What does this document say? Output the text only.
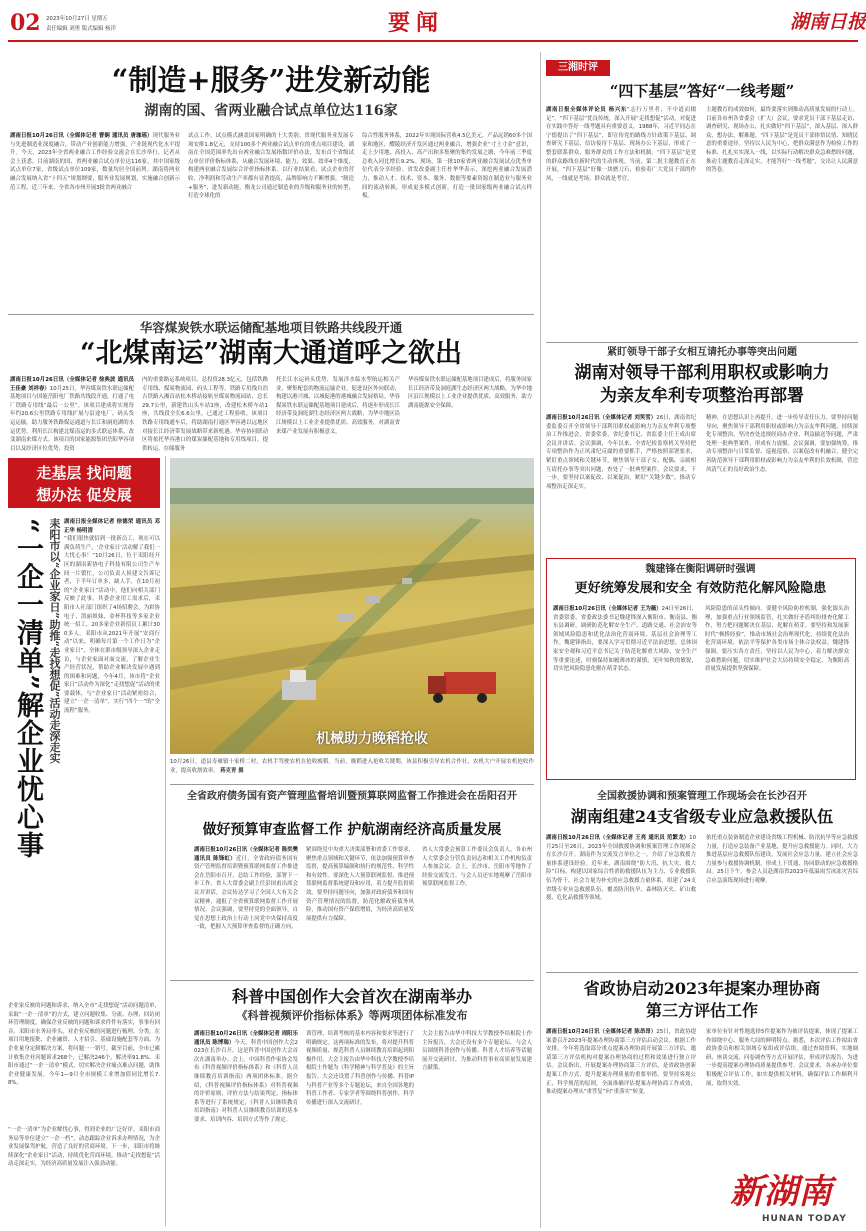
02 2023年10月27日 星期五
责任编辑 刘勇 版式编辑 杨洋	要闻	湖南日报
“制造+服务”进发新动能
湖南的国、省两业融合试点单位达116家
湖南日报10月26日讯（全媒体记者 曹娴 通讯员 唐珈瑶）现代服务业与先进制造业深度融合，带动产业创新能力增强，产业链现代化水平提升。今天，2023年全省两业融合工作经验交流会在长沙举行，记者从会上获悉，目前湖南的国、省两业融合试点单位达116家，其中国家级试点单位7家，省级试点单位109家，数量均居全国前列。湖南将两业融合发展纳入省“十四五”规划纲要，服务业发展规划，实施融合创新示范工程，近三年来，全省各市州开展3批省两业融合
试点工作，试点模式涵盖国家明确的十大类别；省现代服务业发展专项安排1.8亿元，支持100多个两业融合试点单位的重点项目建设。湖南在全国范围率先出台两业融合发展指数评价办法，发布首个省级试点单位评价指标体系，从融合发展环境、能力、效果、效率4个维度，构建两业融合发展综合评价指标体系。以行业结果看，试点企业的营收、净利润和劳动生产率都有显著提高，品牌影响力不断增强。“制造+服务”、进发新动能，衡龙公司通过制造业的升级和服务业的转型，打造全球化的
综合性服务体系，2022年实现国际营收4.5亿美元。产品远销60多个国家和地区，醴陵经济开发区通过两业融合，增强企业“寸土寸金”意识，走上少用地、高投入、高产出和多集聚的集约发展之路，今年前三季度总收入同比增长9.2%。现场，第一批10家省两业融合发展试点优秀单位代表分享经验。省发改委副主任杜华华表示，深挖两业融合发展潜力，推动人才、技术、资本、服务、数据等要素资源在制造业与服务业间的流动转换，形成更多模式创新，打造一批国家级两业融合试点样板。
华容煤炭铁水联运储配基地项目铁路共线段开通
“北煤南运”湖南大通道呼之欲出
湖南日报10月26日讯（全媒体记者 徐典波 通讯员 王佳豪 刘祥春）10月25日，华容煤炭铁水联运储配基地项目与国能岳阳电厂铁路共线段开通，打通了电厂铁路专用线“最后一公里”，该项目建成将实现每年约20.6公里铁路专用线扩展与沿途电厂、码头货运运输，助力服务铁路煤运通道与长江和洞庭湖的水运优势，利用长江构建北煤南运的多式联运体系，改变湖南来煤方式。该项目的国家能源集团岳阳华容项目以及经济区位优势，投资
内的重要路运系统项目，总投资28.3亿元，包括铁路专用线、煤炭物流园、码头工程等。铁路专用线自浩吉铁路入湘首站松木桥站接轨至煤炭物流园站，总长29.7公里，新建铁山头车站1座，改建松木桥车站1座，共线段全长6.6公里，已通过工程验收。该项目铁路专用线通车后，将助湖南打通区华容港以远地区对接长江经济带发展战略带来新机遇。华容协同联动区将依托华容港口的煤炭储配基地和专用线项目，提供转运、存储服务
托长江水运码头优势，发展涉水临水型航运相关产业，聚集配套的物流运输企业，促进设区外向联动，构建以港兴城、以城促港的港城融合发展格局。华容煤炭铁水联运储配基地项目建成后，将逐步形成长江经济带及洞庭湖生态经济区两大战略，为华中地区沿江规模以上工业企业提供优质、高效服务，对湖南省来煤产业发展有积极意义。
华容煤炭铁水联运储配基地项目建成后，将服务国家长江经济带及洞庭湖生态经济区两大战略，为华中地区沿江规模以上工业企业提供优质、高效服务，助力湖南能源安全保障。
三湘时评
“四下基层”答好“一线考题”
湖南日报全媒体评论员 杨兴东“志行万里者，不中道而辍足”。“四下基层”优良传统，深入开展“走找想促”活动，对促进在实践中答好一线考题具有重要意义。1988年，习近平同志在宁德提出了“四下基层”，即宣传党的路线方针政策下基层、调查研究下基层、信访接待下基层、现场办公下基层，形成了一整套联系群众、服务群众的工作方法和机制。“四下基层”是党的群众路线在新时代的生动体现。当前，第二批主题教育正在开展，“四下基层”好像一块磨刀石，检验着广大党员干部的作风，一线就是考场，群众就是考官。
主题教育的成效如何，最终要落实到推动高质量发展的行动上。目前各市州各省委会（扩大）会议，要求党员干部下基层走访、调查研究、现场办公，扎实做好“四下基层”，深入基层、深入群众，想办法、解难题。“四下基层”是党员干部体悟民情、知晓民意的重要途径。坚持以人民为中心，把群众满意作为检验工作的标准，扎扎实实深入一线，以实际行动解决群众急难愁盼问题，推动主题教育走深走实，才能答好“一线考题”，交出让人民满意的答卷。
紧盯领导干部子女相互请托办事等突出问题
湖南对领导干部利用职权或影响力
为亲友牟利专项整治再部署
湖南日报10月26日讯（全媒体记者 刘笑雪）26日，湖南省纪委监委召开全省领导干部利用职权或影响力为亲友牟利专项整治工作推进会，省委常委、省纪委书记、省监委主任王成出席会议并讲话。会议强调，今年以来，全省纪检监察机关坚持把专项整治作为正风肃纪反腐的重要抓手，严格按照部署要求，紧盯重点领域和关键环节，聚焦领导干部子女、配偶、亲属相互请托办事等突出问题，查处了一批典型案件。会议要求，下一步，要坚持以案促改、以案促治，紧盯“关键少数”，推动专项整治走深走实。
精神，在思想认识上再提升，进一步传导责任压力。要坚持问题导向，聚焦领导干部利用职权或影响力为亲友牟利问题，持续深化专项整治，坚决查处违规经商办企业、利益输送等问题，严肃处理一批典型案件，形成有力震慑。会议强调，要加强统筹，推动专项整治与日常监督、巡视巡察、以案促改有机融合，健全完善防范领导干部利用职权或影响力为亲友牟利的长效机制，营造风清气正的良好政治生态。
魏建锋在衡阳调研时强调
更好统筹发展和安全 有效防范化解风险隐患
湖南日报10月26日讯（全媒体记者 王为薇）24日至26日，省委常委、省委政法委书记魏建锋深入衡阳市、衡南县、衡东县调研，调研防范化解安全生产、道路交通、社会治安等领域风险隐患和优化法治化营商环境、基层社会治理等工作。魏建锋指出，要深入学习贯彻习近平法治思想，总体国家安全观和习近平总书记关于防范化解重大风险、安全生产等重要论述，时刻保持如履薄冰的谨慎、见叶知秋的敏锐，切实把风险隐患化解在萌芽状态。
风险隐患的苗头性倾向。要健全风险防控机制，强化源头治理，加强重点行业领域监管，扎实做好矛盾纠纷排查化解工作，努力把问题解决在基层、化解在萌芽。要坚持和发展新时代“枫桥经验”，推动市域社会治理现代化，持续优化法治化营商环境，依法平等保护各类市场主体合法权益。魏建锋强调，要压实各方责任，坚持以人民为中心，着力解决群众急难愁盼问题，切实维护社会大局持续安全稳定，为衡阳高质量发展提供坚强保障。
全国救援协调和预案管理工作现场会在长沙召开
湖南组建24支省级专业应急救援队伍
湖南日报10月26日讯（全媒体记者 王亮 通讯员 范繁龙）10月25日至26日，2023年全国救援协调和预案管理工作现场会在长沙召开。湖南作为交流发言单位之一，介绍了应急救援力量体系建设经验。近年来，湖南围绕“防大汛、抗大灾、救大险”目标，构建以国家综合性消防救援队伍为主力、专业救援队伍为骨干、社会力量为补充的应急救援力量体系，组建了24支省级专业应急救援队伍，覆盖防汛抗旱、森林防灭火、矿山救援、危化品救援等领域。
依托重点装备制造企业建设省级工程机械、防汛抗旱等应急救援力量，打造应急装备产业基地，提升应急救援能力。同时，大力推进基层应急救援队伍建设，发展社会应急力量，建立社会应急力量参与救援协调机制，形成上下贯通、协同联动的应急救援格局。25日下午，参会人员赴湖南省2023年低温雨雪冰冻灾害综合应急演练现场进行观摩。
省政协启动2023年提案办理协商
第三方评估工作
湖南日报10月26日讯（全媒体记者 陈昂昂）25日，省政协提案委召开2023年提案办理协商第三方评估启动会议。根据工作安排，今年将选取部分重点提案办理协商开展第三方评估，邀请第三方评估机构对提案办理协商的过程和效果进行独立评估。会议指出，开展提案办理协商第三方评估，是省政协创新提案工作方式、提升提案办理质量的重要举措。要坚持客观公正、科学规范的原则，全面准确评估提案办理协商工作成效，推动提案办理从“重答复”向“重落实”转变。
家单位有针对性地选择5件提案作为被评估提案，体现了提案工作围绕中心、服务大局的鲜明特点。据悉，本次评估工作拟由省政协委员和相关领域专家组成评估组，通过查阅资料、实地调研、座谈交流、问卷调查等方式开展评估，形成评估报告，为进一步提高提案办理协商质量提供参考。会议要求，各承办单位要积极配合评估工作，如实提供相关材料，确保评估工作顺利开展，取得实效。
新湖南
HUNAN TODAY
走基层 找问题
想办法 促发展
“一企一清单”解企业忧心事 耒阳市以“企业家日”助推“走找想促”活动走深走实 湖南日报全媒体记者 徐德荣 通讯员 邓正华 杨明清
“我们很快就招到一批新员工，现在可以满负荷生产，‘企业家日’活动解了我们一大忧心事！”10月26日，位于耒阳经开区的湖南新协电子科技有限公司生产车间一片繁忙，公司负责人侯建文告诉记者，下半年订单多，缺人手，在10月初的“企业家日”活动中，他们向相关部门反映了此事。其委企业用工需求后，耒阳市人社部门组织了4场招聘会，为彩协电子、凯丽姐妹、金杯科技等多家企业统一招工，20多家企业新招员工累计300多人。耒阳市从2021年开展“安商行动”以来，明确每月第一个工作日为“企业家日”，全体在职市级领导深入企业走访，与企业家面对面交流，了解企业生产经营状况，帮助企业解决发展中遇到的困难和问题，今年4月，该市将“企业家日”活动作为深化“走找想促”活动的重要载体，与“企业家日”活动紧密结合，建立“一企一清单”，实行“四个一”的“全流程”服务。
企业家反映的问题和诉求，纳入全市“走找想促”活动问题清单，采取“一企一清单”的方式，建立问题收集、分流、办理、回访闭环管理制度，确保企业反映的问题和诉求件件有落实，事事有回音。耒阳市水务局牵头，对企业反映的问题进行梳理、分类，在项目用地报批、企业融资、人才招引、基础设施配套等方面，为企业量身定制解决方案，将问题一一销号。截至目前，全市已累计收集企业问题诉求268个，已解决246个，解决率91.8%。耒阳市通过“一企一清单”模式，切实解决企业痛点难点问题，助推企业健康发展，今年1—9月全市规模工业增加值同比增长7.8%。
“一企一清单”为企业解忧心事，得到企业的广泛好评。耒阳市商务局等单位建立“一企一档”，动态跟踪企业诉求办理情况，为企业发展保驾护航，营造了良好的营商环境。下一步，耒阳市将继续深化“企业家日”活动，持续优化营商环境，推动“走找想促”活动走深走实，为经济高质量发展注入强劲动能。
机械助力晚稻抢收
10月26日，道县寿雁镇十家桥二村，农机手驾驶农机在抢收晚稻。当前，晚稻进入抢收关键期，该县积极引导农机合作社、农机大户开展农机抢收作业，提高收割效率。 蒋克青 摄
全省政府债务国有资产管理监督培训暨预算联网监督工作推进会在岳阳召开
做好预算审查监督工作 护航湖南经济高质量发展
湖南日报10月26日讯（全媒体记者 陈奕樊 通讯员 陈锋虹）近日，全省政府债务国有资产管理监督培训暨预算联网监督工作推进会在岳阳市召开，总结工作经验，部署下一步工作，省人大常委会副主任彭国甫出席会议并讲话。会议传达学习了全国人大有关会议精神，通报了全省预算联网监督工作开展情况。会议强调，要坚持党的全面领导，自觉在思想上政治上行动上同党中央保持高度一致，把握人大预算审查监督的正确方向。
紧围绕党中央重大决策部署和省委工作要求，聚焦重点领域和关键环节，依法加强预算审查监督，提高预算编制和执行的规范性、科学性和有效性。要深化人大预算联网监督，推进预算联网监督系统建设和应用，着力提升监督质效。要坚持问题导向，加强对政府债务和国有资产管理情况的监督，防范化解政府债务风险，推动国有资产保值增值，为经济高质量发展提供有力保障。
省人大常委会预算工作委员会负责人，各市州人大常委会分管负责同志和相关工作机构负责人参加会议。会上，长沙市、岳阳市等地作了经验交流发言。与会人员还实地观摩了岳阳市预算联网监督工作。
科普中国创作大会首次在湖南举办
《科普视频评价指标体系》等两项团体标准发布
湖南日报10月26日讯（全媒体记者 周阳乐 通讯员 陈博瑞）今天，科普中国创作大会2023在长沙召开。这是科普中国创作大会首次在湖南举办。会上，中国科普作家协会发布《科普视频评价指标体系》和《科普人员继续教育培训指南》两项团体标准。据介绍，《科普视频评价指标体系》对科普视频的评价原则、评价方法与结果判定、指标体系等进行了系统规定，《科普人员继续教育培训指南》对科普人员继续教育培训的基本要求、培训内容、培训方式等作了规定。
训管理、培训考核的基本内容和要求等进行了明确规定。这两项标准的发布，将对提升科普视频质量、规范科普人员继续教育培训起到积极作用。大会主报告由华中科技大学教授李培根院士作题为《科学精神与科学普及》的主旨报告。大会还设置了科普创作与传播、科普IP与科普产业等多个专题论坛，来自全国各地的科普工作者、专家学者等围绕科普创作、科学传播进行深入交流研讨。
大会主报告由华中科技大学教授李培根院士作主旨报告，大会还设有多个专题论坛。与会人员围绕科普创作与传播、科普人才培养等话题展开交流研讨，为推动科普事业高质量发展建言献策。
